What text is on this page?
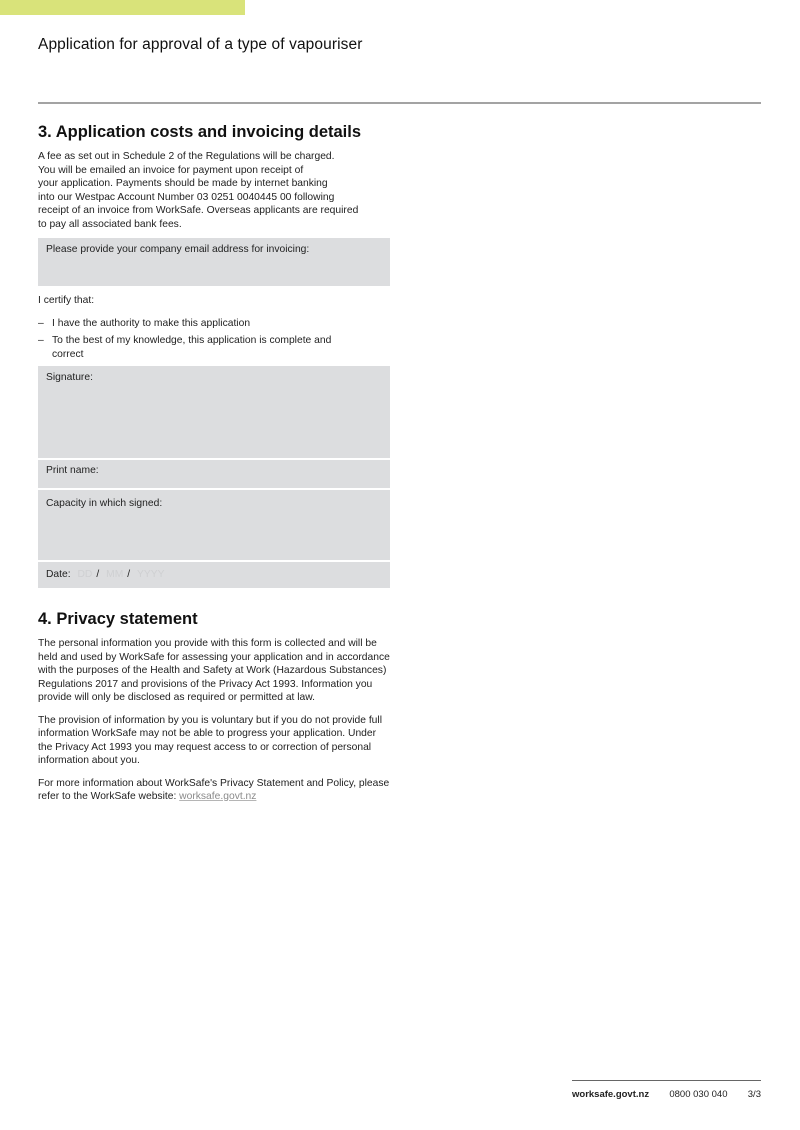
Application for approval of a type of vapouriser
3. Application costs and invoicing details

A fee as set out in Schedule 2 of the Regulations will be charged.
You will be emailed an invoice for payment upon receipt of
your application. Payments should be made by internet banking
into our Westpac Account Number 03 0251 0040445 00 following
receipt of an invoice from WorkSafe. Overseas applicants are required
to pay all associated bank fees.

Please provide your company email address for invoicing:

I certify that:

– I have the authority to make this application
– To the best of my knowledge, this application is complete and correct
Signature:
Print name:
Capacity in which signed:
Date: DD / MM / YYYY
4. Privacy statement

The personal information you provide with this form is collected and will be held and used by WorkSafe for assessing your application and in accordance with the purposes of the Health and Safety at Work (Hazardous Substances) Regulations 2017 and provisions of the Privacy Act 1993. Information you provide will only be disclosed as required or permitted at law.

The provision of information by you is voluntary but if you do not provide full information WorkSafe may not be able to progress your application. Under the Privacy Act 1993 you may request access to or correction of personal information about you.

For more information about WorkSafe's Privacy Statement and Policy, please refer to the WorkSafe website: worksafe.govt.nz

worksafe.govt.nz 0800 030 040 3/3
